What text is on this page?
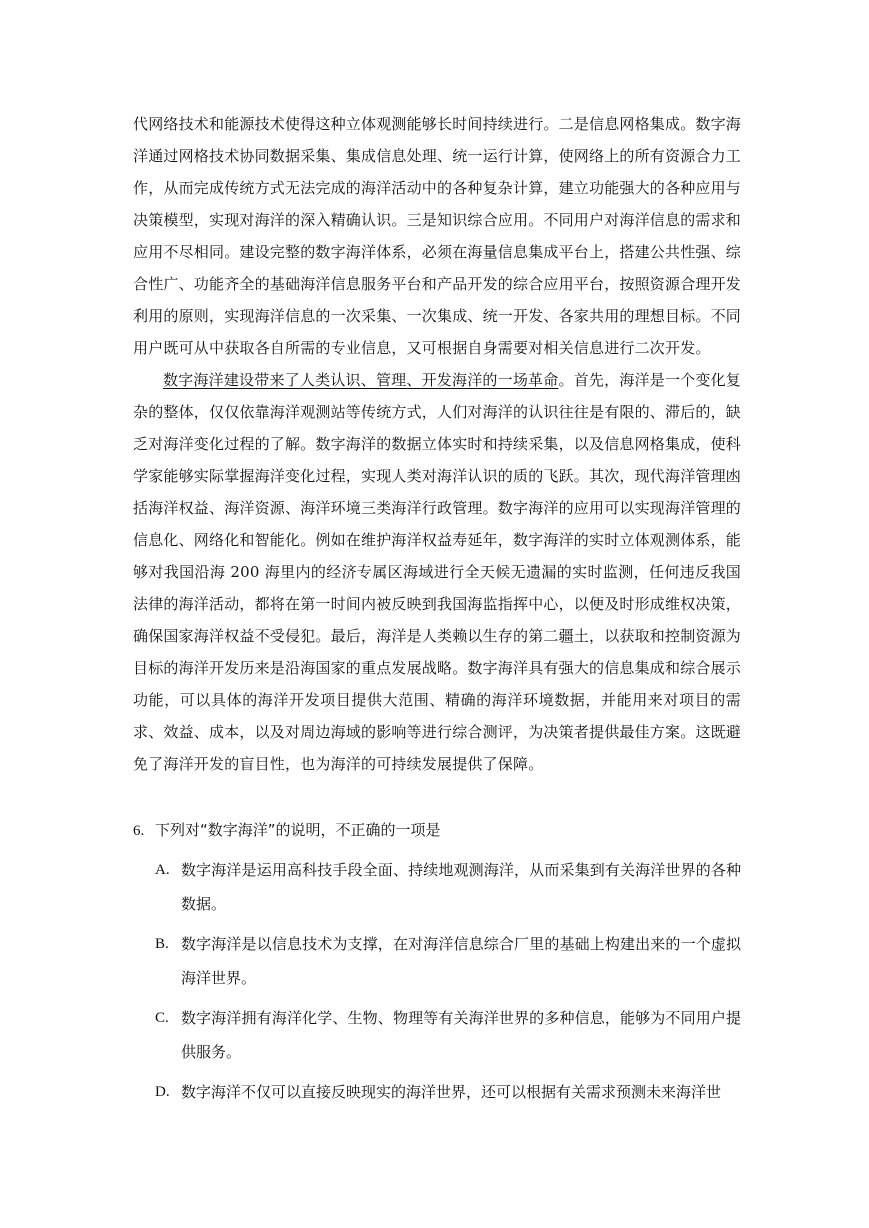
代网络技术和能源技术使得这种立体观测能够长时间持续进行。二是信息网格集成。数字海洋通过网格技术协同数据采集、集成信息处理、统一运行计算，使网络上的所有资源合力工作，从而完成传统方式无法完成的海洋活动中的各种复杂计算，建立功能强大的各种应用与决策模型，实现对海洋的深入精确认识。三是知识综合应用。不同用户对海洋信息的需求和应用不尽相同。建设完整的数字海洋体系，必须在海量信息集成平台上，搭建公共性强、综合性广、功能齐全的基础海洋信息服务平台和产品开发的综合应用平台，按照资源合理开发利用的原则，实现海洋信息的一次采集、一次集成、统一开发、各家共用的理想目标。不同用户既可从中获取各自所需的专业信息，又可根据自身需要对相关信息进行二次开发。

数字海洋建设带来了人类认识、管理、开发海洋的一场革命。首先，海洋是一个变化复杂的整体，仅仅依靠海洋观测站等传统方式，人们对海洋的认识往往是有限的、滞后的，缺乏对海洋变化过程的了解。数字海洋的数据立体实时和持续采集，以及信息网格集成，使科学家能够实际掌握海洋变化过程，实现人类对海洋认识的质的飞跃。其次，现代海洋管理凼括海洋权益、海洋资源、海洋环境三类海洋行政管理。数字海洋的应用可以实现海洋管理的信息化、网络化和智能化。例如在维护海洋权益寿延年，数字海洋的实时立体观测体系，能够对我国沿海 200 海里内的经济专属区海域进行全天候无遗漏的实时监测，任何违反我国法律的海洋活动，都将在第一时间内被反映到我国海监指挥中心，以便及时形成维权决策，确保国家海洋权益不受侵犯。最后，海洋是人类赖以生存的第二疆土，以获取和控制资源为目标的海洋开发历来是沿海国家的重点发展战略。数字海洋具有强大的信息集成和综合展示功能，可以具体的海洋开发项目提供大范围、精确的海洋环境数据，并能用来对项目的需求、效益、成本，以及对周边海域的影响等进行综合测评，为决策者提供最佳方案。这既避免了海洋开发的盲目性，也为海洋的可持续发展提供了保障。

6. 下列对“数字海洋”的说明，不正确的一项是

A. 数字海洋是运用高科技手段全面、持续地观测海洋，从而采集到有关海洋世界的各种数据。

B. 数字海洋是以信息技术为支撑，在对海洋信息综合厂里的基础上构建出来的一个虚拟海洋世界。

C. 数字海洋拥有海洋化学、生物、物理等有关海洋世界的多种信息，能够为不同用户提供服务。

D. 数字海洋不仅可以直接反映现实的海洋世界，还可以根据有关需求预测未来海洋世
